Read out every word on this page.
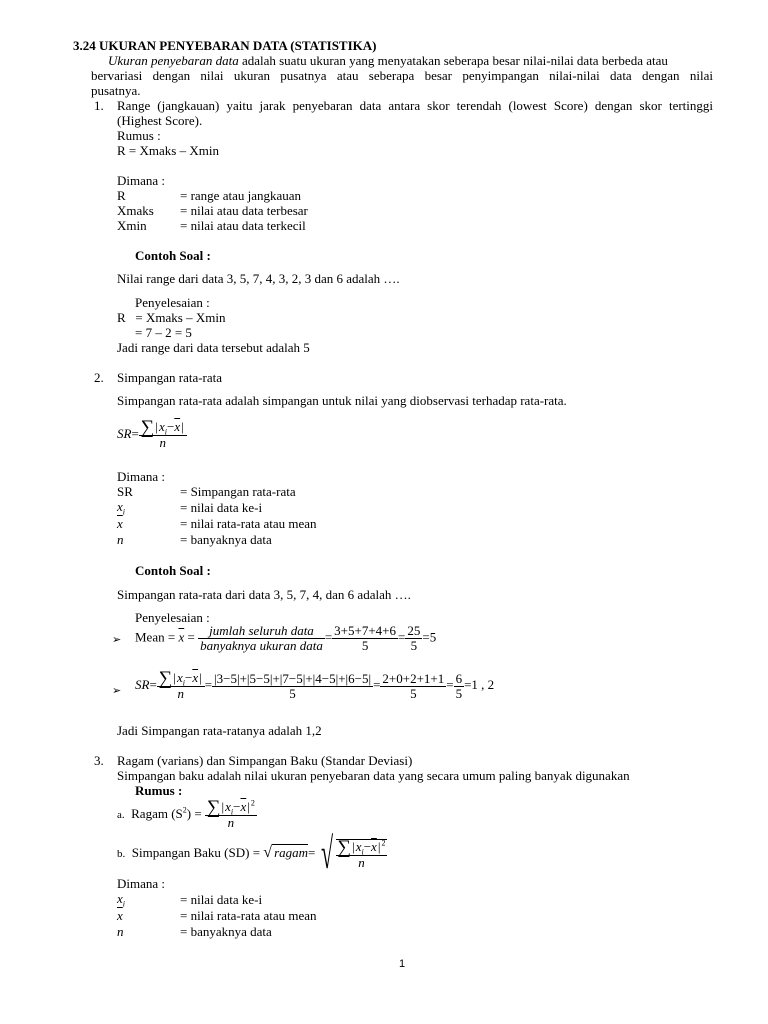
3.24 UKURAN PENYEBARAN DATA (STATISTIKA)
Ukuran penyebaran data adalah suatu ukuran yang menyatakan seberapa besar nilai-nilai data berbeda atau
bervariasi dengan nilai ukuran pusatnya atau seberapa besar penyimpangan nilai-nilai data dengan nilai
pusatnya.
1. Range (jangkauan) yaitu jarak penyebaran data antara skor terendah (lowest Score) dengan skor tertinggi
(Highest Score).
Rumus :
R = Xmaks – Xmin
Dimana :
R	= range atau jangkauan
Xmaks = nilai atau data terbesar
Xmin	= nilai atau data terkecil
Contoh Soal :
Nilai range dari data 3, 5, 7, 4, 3, 2, 3 dan 6 adalah ….
Penyelesaian :
R   = Xmaks – Xmin
= 7 – 2 = 5
Jadi range dari data tersebut adalah 5
2. Simpangan rata-rata
Simpangan rata-rata adalah simpangan untuk nilai yang diobservasi terhadap rata-rata.
$SR= \frac{\sum|x_i-\overline{x}|}{n}$
Dimana :
SR	= Simpangan rata-rata
$x_i$	= nilai data ke-i
$\overline{x}$	= nilai rata-rata atau mean
n	= banyaknya data
Contoh Soal :
Simpangan rata-rata dari data 3, 5, 7, 4, dan 6 adalah ….
Penyelesaian :
➢ Mean = $\overline{x} = \frac{\text{jumlah seluruh data}}{\text{banyaknya ukuran data}} = \frac{3+5+7+4+6}{5} = \frac{25}{5} =5$
➢ $SR= \frac{\sum|x_i-\overline{x}|}{n} = \frac{|3-5|+|5-5|+|7-5|+|4-5|+|6-5|}{5} = \frac{2+0+2+1+1}{5} = \frac{6}{5} =1$ , 2
Jadi Simpangan rata-ratanya adalah 1,2
3. Ragam (varians) dan Simpangan Baku (Standar Deviasi)
Simpangan baku adalah nilai ukuran penyebaran data yang secara umum paling banyak digunakan
Rumus :
a. Ragam $(S^2) = \frac{\sum|x_i-\overline{x}|^2}{n}$
b. Simpangan Baku (SD) = √ ragam= √ $\frac{\sum|x_i-\overline{x}|^2}{n}$
Dimana :
$x_i$	= nilai data ke-i
$\overline{x}$	= nilai rata-rata atau mean
n	= banyaknya data
1
